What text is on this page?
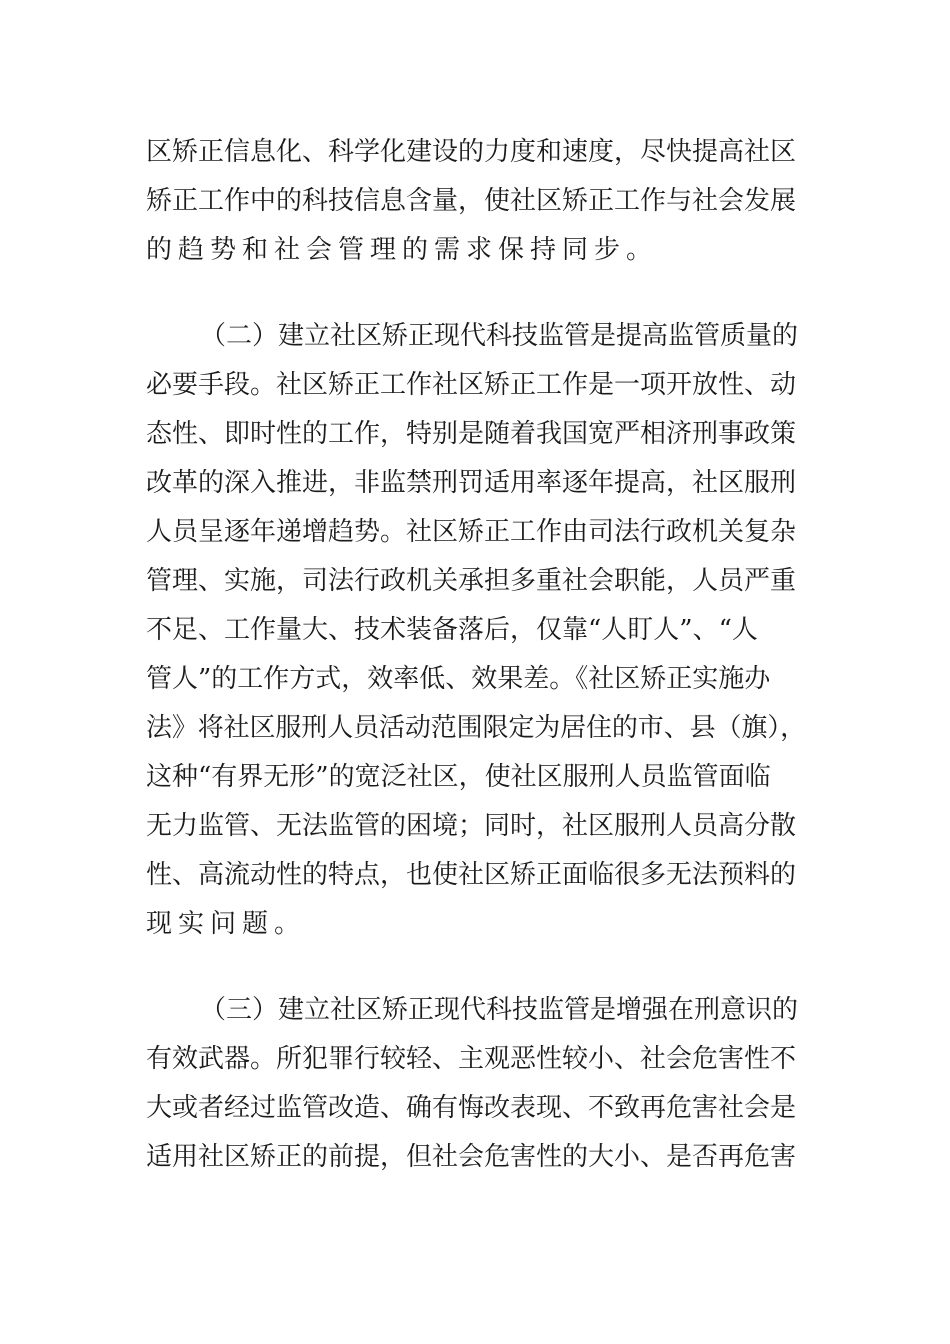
区矫正信息化、科学化建设的力度和速度，尽快提高社区
矫正工作中的科技信息含量，使社区矫正工作与社会发展
的趋势和社会管理的需求保持同步。
（二）建立社区矫正现代科技监管是提高监管质量的
必要手段。社区矫正工作社区矫正工作是一项开放性、动
态性、即时性的工作，特别是随着我国宽严相济刑事政策
改革的深入推进，非监禁刑罚适用率逐年提高，社区服刑
人员呈逐年递增趋势。社区矫正工作由司法行政机关复杂
管理、实施，司法行政机关承担多重社会职能，人员严重
不足、工作量大、技术装备落后，仅靠“人盯人”、“人
管人”的工作方式，效率低、效果差。《社区矫正实施办
法》将社区服刑人员活动范围限定为居住的市、县（旗），
这种“有界无形”的宽泛社区，使社区服刑人员监管面临
无力监管、无法监管的困境；同时，社区服刑人员高分散
性、高流动性的特点，也使社区矫正面临很多无法预料的
现实问题。
（三）建立社区矫正现代科技监管是增强在刑意识的
有效武器。所犯罪行较轻、主观恶性较小、社会危害性不
大或者经过监管改造、确有悔改表现、不致再危害社会是
适用社区矫正的前提，但社会危害性的大小、是否再危害
